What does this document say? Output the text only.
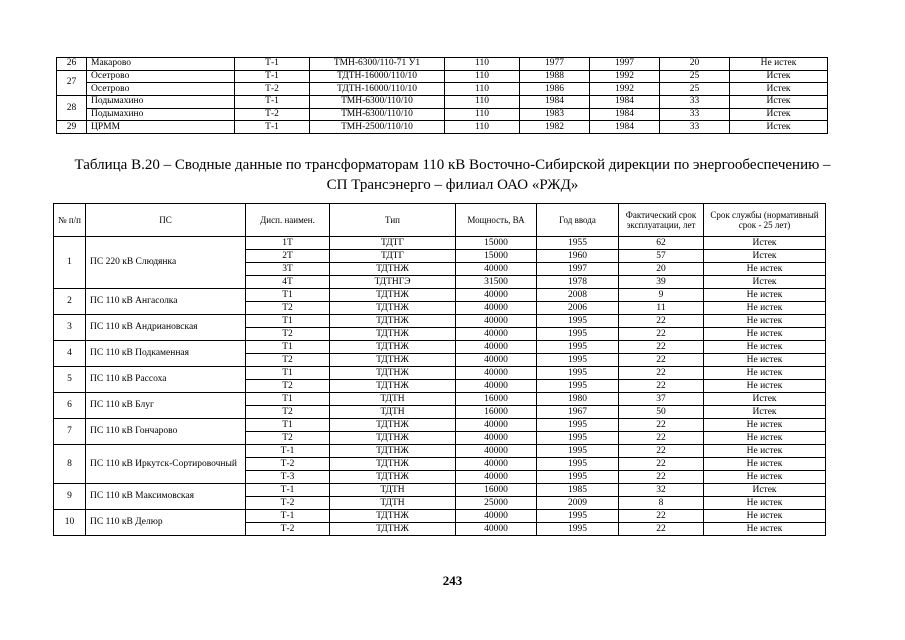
26	Макарово	Т-1	ТМН-6300/110-71 У1	110	1977	1997	20	Не истек
27	Осетрово	Т-1	ТДТН-16000/110/10	110	1988	1992	25	Истек
	Осетрово	Т-2	ТДТН-16000/110/10	110	1986	1992	25	Истек
28	Подымахино	Т-1	ТМН-6300/110/10	110	1984	1984	33	Истек
	Подымахино	Т-2	ТМН-6300/110/10	110	1983	1984	33	Истек
29	ЦРММ	Т-1	ТМН-2500/110/10	110	1982	1984	33	Истек
Таблица В.20 – Сводные данные по трансформаторам 110 кВ Восточно-Сибирской дирекции по энергообеспечению –
СП Трансэнерго – филиал ОАО «РЖД»
№ п/п	ПС	Дисп. наимен.	Тип	Мощность, ВА	Год ввода	Фактический срок эксплуатации, лет	Срок службы (нормативный срок - 25 лет)
1	ПС 220 кВ Слюдянка	1Т	ТДТГ	15000	1955	62	Истек
		2Т	ТДТГ	15000	1960	57	Истек
		3Т	ТДТНЖ	40000	1997	20	Не истек
		4Т	ТДТНГЭ	31500	1978	39	Истек
2	ПС 110 кВ Ангасолка	Т1	ТДТНЖ	40000	2008	9	Не истек
		Т2	ТДТНЖ	40000	2006	11	Не истек
3	ПС 110 кВ Андриановская	Т1	ТДТНЖ	40000	1995	22	Не истек
		Т2	ТДТНЖ	40000	1995	22	Не истек
4	ПС 110 кВ Подкаменная	Т1	ТДТНЖ	40000	1995	22	Не истек
		Т2	ТДТНЖ	40000	1995	22	Не истек
5	ПС 110 кВ Рассоха	Т1	ТДТНЖ	40000	1995	22	Не истек
		Т2	ТДТНЖ	40000	1995	22	Не истек
6	ПС 110 кВ Блуг	Т1	ТДТН	16000	1980	37	Истек
		Т2	ТДТН	16000	1967	50	Истек
7	ПС 110 кВ Гончарово	Т1	ТДТНЖ	40000	1995	22	Не истек
		Т2	ТДТНЖ	40000	1995	22	Не истек
8	ПС 110 кВ Иркутск-Сортировочный	Т-1	ТДТНЖ	40000	1995	22	Не истек
		Т-2	ТДТНЖ	40000	1995	22	Не истек
		Т-3	ТДТНЖ	40000	1995	22	Не истек
9	ПС 110 кВ Максимовская	Т-1	ТДТН	16000	1985	32	Истек
		Т-2	ТДТН	25000	2009	8	Не истек
10	ПС 110 кВ Делюр	Т-1	ТДТНЖ	40000	1995	22	Не истек
		Т-2	ТДТНЖ	40000	1995	22	Не истек
243
